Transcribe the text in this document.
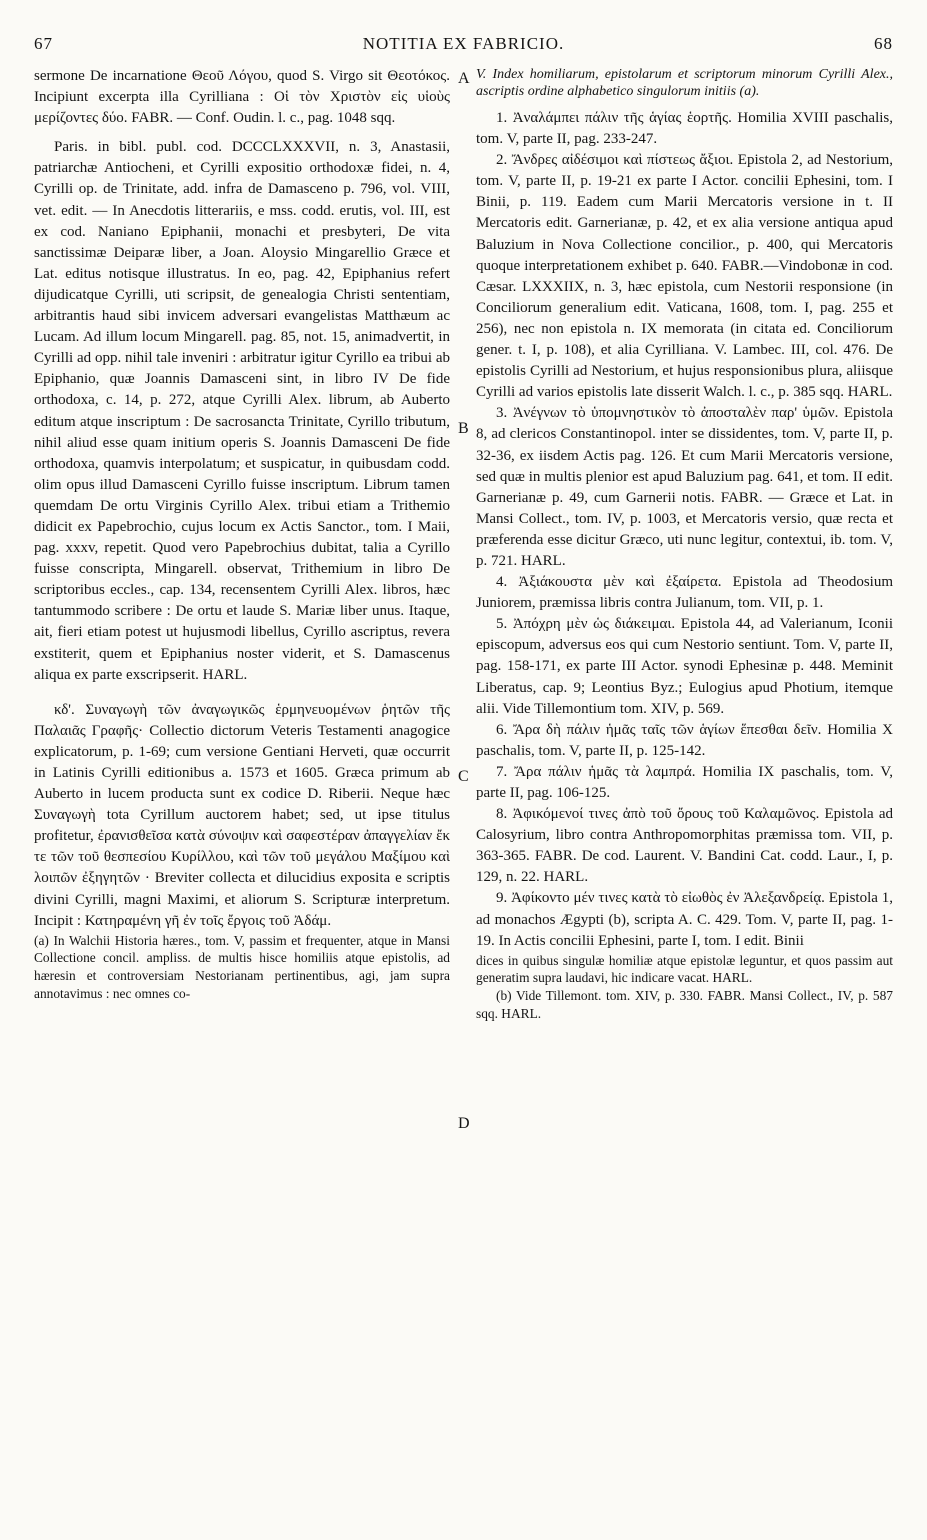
67	NOTITIA EX FABRICIO.	68
A
B
C
D

sermone De incarnatione Θεοῦ Λόγου, quod S. Virgo sit Θεοτόκος. Incipiunt excerpta illa Cyrilliana : Οἱ τὸν Χριστὸν εἰς υἱοὺς μερίζοντες δύο. FABR. — Conf. Oudin. l. c., pag. 1048 sqq.

Paris. in bibl. publ. cod. DCCCLXXXVII, n. 3, Anastasii, patriarchæ Antiocheni, et Cyrilli expositio orthodoxæ fidei, n. 4, Cyrilli op. de Trinitate, add. infra de Damasceno p. 796, vol. VIII, vet. edit. — In Anecdotis litterariis, e mss. codd. erutis, vol. III, est ex cod. Naniano Epiphanii, monachi et presbyteri, De vita sanctissimæ Deiparæ liber, a Joan. Aloysio Mingarellio Græce et Lat. editus notisque illustratus. In eo, pag. 42, Epiphanius refert dijudicatque Cyrilli, uti scripsit, de genealogia Christi sententiam, arbitrantis haud sibi invicem adversari evangelistas Matthæum ac Lucam. Ad illum locum Mingarell. pag. 85, not. 15, animadvertit, in Cyrilli ad opp. nihil tale inveniri : arbitratur igitur Cyrillo ea tribui ab Epiphanio, quæ Joannis Damasceni sint, in libro IV De fide orthodoxa, c. 14, p. 272, atque Cyrilli Alex. librum, ab Auberto editum atque inscriptum : De sacrosancta Trinitate, Cyrillo tributum, nihil aliud esse quam initium operis S. Joannis Damasceni De fide orthodoxa, quamvis interpolatum; et suspicatur, in quibusdam codd. olim opus illud Damasceni Cyrillo fuisse inscriptum. Librum tamen quemdam De ortu Virginis Cyrillo Alex. tribui etiam a Trithemio didicit ex Papebrochio, cujus locum ex Actis Sanctor., tom. I Maii, pag. xxxv, repetit. Quod vero Papebrochius dubitat, talia a Cyrillo fuisse conscripta, Mingarell. observat, Trithemium in libro De scriptoribus eccles., cap. 134, recensentem Cyrilli Alex. libros, hæc tantummodo scribere : De ortu et laude S. Mariæ liber unus. Itaque, ait, fieri etiam potest ut hujusmodi libellus, Cyrillo ascriptus, revera exstiterit, quem et Epiphanius noster viderit, et S. Damascenus aliqua ex parte exscripserit. HARL.

κδ'. Συναγωγὴ τῶν ἀναγωγικῶς ἑρμηνευομένων ῥητῶν τῆς Παλαιᾶς Γραφῆς· Collectio dictorum Veteris Testamenti anagogice explicatorum, p. 1-69; cum versione Gentiani Herveti, quæ occurrit in Latinis Cyrilli editionibus a. 1573 et 1605. Græca primum ab Auberto in lucem producta sunt ex codice D. Riberii. Neque hæc Συναγωγὴ tota Cyrillum auctorem habet; sed, ut ipse titulus profitetur, ἐρανισθεῖσα κατὰ σύνοψιν καὶ σαφεστέραν ἀπαγγελίαν ἔκ τε τῶν τοῦ θεσπεσίου Κυρίλλου, καὶ τῶν τοῦ μεγάλου Μαξίμου καὶ λοιπῶν ἐξηγητῶν · Breviter collecta et dilucidius exposita e scriptis divini Cyrilli, magni Maximi, et aliorum S. Scripturæ interpretum. Incipit : Κατηραμένη γῆ ἐν τοῖς ἔργοις τοῦ Ἀδάμ.

(a) In Walchii Historia hæres., tom. V, passim et frequenter, atque in Mansi Collectione concil. ampliss. de multis hisce homiliis atque epistolis, ad hæresin et controversiam Nestorianam pertinentibus, agi, jam supra annotavimus : nec omnes co-

V. Index homiliarum, epistolarum et scriptorum minorum Cyrilli Alex., ascriptis ordine alphabetico singulorum initiis (a).

1. Ἀναλάμπει πάλιν τῆς ἁγίας ἑορτῆς. Homilia XVIII paschalis, tom. V, parte II, pag. 233-247.

2. Ἄνδρες αἰδέσιμοι καὶ πίστεως ἄξιοι. Epistola 2, ad Nestorium, tom. V, parte II, p. 19-21 ex parte I Actor. concilii Ephesini, tom. I Binii, p. 119. Eadem cum Marii Mercatoris versione in t. II Mercatoris edit. Garnerianæ, p. 42, et ex alia versione antiqua apud Baluzium in Nova Collectione concilior., p. 400, qui Mercatoris quoque interpretationem exhibet p. 640. FABR.—Vindobonæ in cod. Cæsar. LXXXIIX, n. 3, hæc epistola, cum Nestorii responsione (in Conciliorum generalium edit. Vaticana, 1608, tom. I, pag. 255 et 256), nec non epistola n. IX memorata (in citata ed. Conciliorum gener. t. I, p. 108), et alia Cyrilliana. V. Lambec. III, col. 476. De epistolis Cyrilli ad Nestorium, et hujus responsionibus plura, aliisque Cyrilli ad varios epistolis late disserit Walch. l. c., p. 385 sqq. HARL.

3. Ἀνέγνων τὸ ὑπομνηστικὸν τὸ ἀποσταλὲν παρ' ὑμῶν. Epistola 8, ad clericos Constantinopol. inter se dissidentes, tom. V, parte II, p. 32-36, ex iisdem Actis pag. 126. Et cum Marii Mercatoris versione, sed quæ in multis plenior est apud Baluzium pag. 641, et tom. II edit. Garnerianæ p. 49, cum Garnerii notis. FABR. — Græce et Lat. in Mansi Collect., tom. IV, p. 1003, et Mercatoris versio, quæ recta et præferenda esse dicitur Græco, uti nunc legitur, contextui, ib. tom. V, p. 721. HARL.

4. Ἀξιάκουστα μὲν καὶ ἐξαίρετα. Epistola ad Theodosium Juniorem, præmissa libris contra Julianum, tom. VII, p. 1.

5. Ἀπόχρη μὲν ὡς διάκειμαι. Epistola 44, ad Valerianum, Iconii episcopum, adversus eos qui cum Nestorio sentiunt. Tom. V, parte II, pag. 158-171, ex parte III Actor. synodi Ephesinæ p. 448. Meminit Liberatus, cap. 9; Leontius Byz.; Eulogius apud Photium, itemque alii. Vide Tillemontium tom. XIV, p. 569.

6. Ἄρα δὴ πάλιν ἡμᾶς ταῖς τῶν ἁγίων ἕπεσθαι δεῖν. Homilia X paschalis, tom. V, parte II, p. 125-142.

7. Ἄρα πάλιν ἡμᾶς τὰ λαμπρά. Homilia IX paschalis, tom. V, parte II, pag. 106-125.

8. Ἀφικόμενοί τινες ἀπὸ τοῦ ὄρους τοῦ Καλαμῶνος. Epistola ad Calosyrium, libro contra Anthropomorphitas præmissa tom. VII, p. 363-365. FABR. De cod. Laurent. V. Bandini Cat. codd. Laur., I, p. 129, n. 22. HARL.

9. Ἀφίκοντο μέν τινες κατὰ τὸ εἰωθὸς ἐν Ἀλεξανδρείᾳ. Epistola 1, ad monachos Ægypti (b), scripta A. C. 429. Tom. V, parte II, pag. 1-19. In Actis concilii Ephesini, parte I, tom. I edit. Binii

dices in quibus singulæ homiliæ atque epistolæ leguntur, et quos passim aut generatim supra laudavi, hic indicare vacat. HARL.

(b) Vide Tillemont. tom. XIV, p. 330. FABR. Mansi Collect., IV, p. 587 sqq. HARL.
